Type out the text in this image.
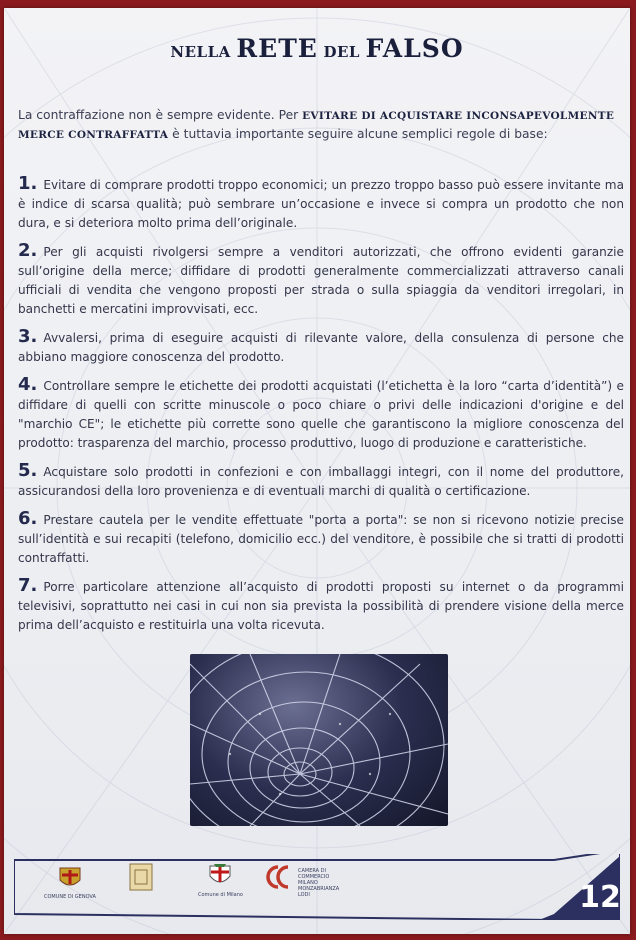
NELLA RETE DEL FALSO
La contraffazione non è sempre evidente. Per EVITARE DI ACQUISTARE INCONSAPEVOLMENTE MERCE CONTRAFFATTA è tuttavia importante seguire alcune semplici regole di base:
1. Evitare di comprare prodotti troppo economici; un prezzo troppo basso può essere invitante ma è indice di scarsa qualità; può sembrare un’occasione e invece si compra un prodotto che non dura, e si deteriora molto prima dell’originale.
2. Per gli acquisti rivolgersi sempre a venditori autorizzati, che offrono evidenti garanzie sull’origine della merce; diffidare di prodotti generalmente commercializzati attraverso canali ufficiali di vendita che vengono proposti per strada o sulla spiaggia da venditori irregolari, in banchetti e mercatini improvvisati, ecc.
3. Avvalersi, prima di eseguire acquisti di rilevante valore, della consulenza di persone che abbiano maggiore conoscenza del prodotto.
4. Controllare sempre le etichette dei prodotti acquistati (l’etichetta è la loro “carta d’identità”) e diffidare di quelli con scritte minuscole o poco chiare o privi delle indicazioni d'origine e del "marchio CE"; le etichette più corrette sono quelle che garantiscono la migliore conoscenza del prodotto: trasparenza del marchio, processo produttivo, luogo di produzione e caratteristiche.
5. Acquistare solo prodotti in confezioni e con imballaggi integri, con il nome del produttore, assicurandosi della loro provenienza e di eventuali marchi di qualità o certificazione.
6. Prestare cautela per le vendite effettuate "porta a porta": se non si ricevono notizie precise sull’identità e sui recapiti (telefono, domicilio ecc.) del venditore, è possibile che si tratti di prodotti contraffatti.
7. Porre particolare attenzione all’acquisto di prodotti proposti su internet o da programmi televisivi, soprattutto nei casi in cui non sia prevista la possibilità di prendere visione della merce prima dell’acquisto e restituirla una volta ricevuta.
COMUNE DI GENOVA	Comune di Milano
CAMERA DI COMMERCIO MILANO MONZABRIANZA LODI	12
